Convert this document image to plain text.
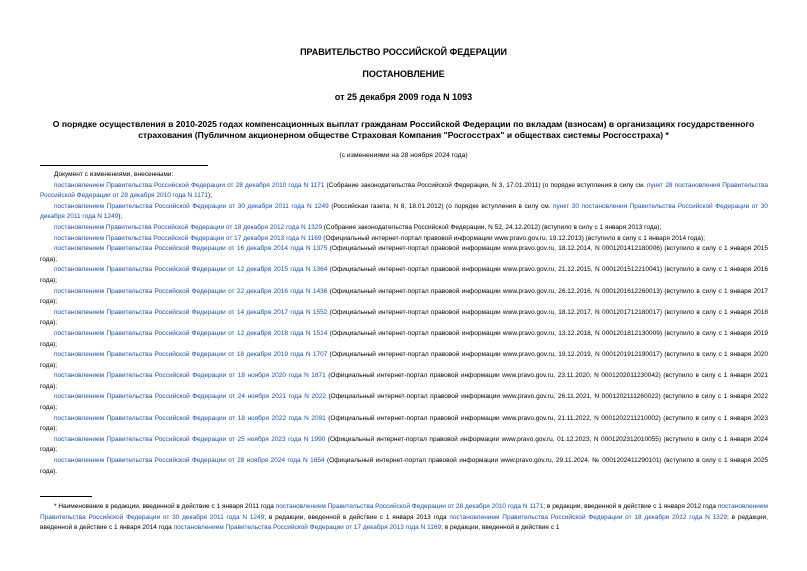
ПРАВИТЕЛЬСТВО РОССИЙСКОЙ ФЕДЕРАЦИИ
ПОСТАНОВЛЕНИЕ
от 25 декабря 2009 года N 1093
О порядке осуществления в 2010-2025 годах компенсационных выплат гражданам Российской Федерации по вкладам (взносам) в организациях государственного страхования (Публичном акционерном обществе Страховая Компания "Росгосстрах" и обществах системы Росгосстраха) *
(с изменениями на 28 ноября 2024 года)

Документ с изменениями, внесенными:

постановлением Правительства Российской Федерации от 28 декабря 2010 года N 1171 (Собрание законодательства Российской Федерации, N 3, 17.01.2011) (о порядке вступления в силу см. пункт 28 постановления Правительства Российской Федерации от 28 декабря 2010 года N 1171);

постановлением Правительства Российской Федерации от 30 декабря 2011 года N 1249 (Российская газета, N 8, 18.01.2012) (о порядке вступления в силу см. пункт 30 постановления Правительства Российской Федерации от 30 декабря 2011 года N 1249);

постановлением Правительства Российской Федерации от 18 декабря 2012 года N 1329 (Собрание законодательства Российской Федерации, N 52, 24.12.2012) (вступило в силу с 1 января 2013 года);

постановлением Правительства Российской Федерации от 17 декабря 2013 года N 1169 (Официальный интернет-портал правовой информации www.pravo.gov.ru, 19.12.2013) (вступило в силу с 1 января 2014 года);

постановлением Правительства Российской Федерации от 16 декабря 2014 года N 1375 (Официальный интернет-портал правовой информации www.pravo.gov.ru, 18.12.2014, N 0001201412180006) (вступило в силу с 1 января 2015 года);

постановлением Правительства Российской Федерации от 12 декабря 2015 года N 1364 (Официальный интернет-портал правовой информации www.pravo.gov.ru, 21.12.2015, N 0001201512210041) (вступило в силу с 1 января 2016 года);

постановлением Правительства Российской Федерации от 22 декабря 2016 года N 1436 (Официальный интернет-портал правовой информации www.pravo.gov.ru, 26.12.2016, N 0001201612260013) (вступило в силу с 1 января 2017 года);

постановлением Правительства Российской Федерации от 14 декабря 2017 года N 1552 (Официальный интернет-портал правовой информации www.pravo.gov.ru, 18.12.2017, N 0001201712180017) (вступило в силу с 1 января 2018 года);

постановлением Правительства Российской Федерации от 12 декабря 2018 года N 1514 (Официальный интернет-портал правовой информации www.pravo.gov.ru, 13.12.2018, N 0001201812130009) (вступило в силу с 1 января 2019 года);

постановлением Правительства Российской Федерации от 18 декабря 2019 года N 1707 (Официальный интернет-портал правовой информации www.pravo.gov.ru, 19.12.2019, N 0001201912190017) (вступило в силу с 1 января 2020 года);

постановлением Правительства Российской Федерации от 18 ноября 2020 года N 1871 (Официальный интернет-портал правовой информации www.pravo.gov.ru, 23.11.2020, N 0001202011230042) (вступило в силу с 1 января 2021 года);

постановлением Правительства Российской Федерации от 24 ноября 2021 года N 2022 (Официальный интернет-портал правовой информации www.pravo.gov.ru, 26.11.2021, N 0001202111260022) (вступило в силу с 1 января 2022 года);

постановлением Правительства Российской Федерации от 18 ноября 2022 года N 2091 (Официальный интернет-портал правовой информации www.pravo.gov.ru, 21.11.2022, N 0001202211210002) (вступило в силу с 1 января 2023 года);

постановлением Правительства Российской Федерации от 25 ноября 2023 года N 1990 (Официальный интернет-портал правовой информации www.pravo.gov.ru, 01.12.2023, N 0001202312010055) (вступило в силу с 1 января 2024 года);

постановлением Правительства Российской Федерации от 28 ноября 2024 года N 1654 (Официальный интернет-портал правовой информации www.pravo.gov.ru, 29.11.2024, № 0001202411290101) (вступило в силу с 1 января 2025 года).

* Наименование в редакции, введенной в действие с 1 января 2011 года постановлением Правительства Российской Федерации от 28 декабря 2010 года N 1171; в редакции, введенной в действие с 1 января 2012 года постановлением Правительства Российской Федерации от 30 декабря 2011 года N 1249; в редакции, введенной в действие с 1 января 2013 года постановлением Правительства Российской Федерации от 18 декабря 2012 года N 1329; в редакции, введенной в действие с 1 января 2014 года постановлением Правительства Российской Федерации от 17 декабря 2013 года N 1169; в редакции, введенной в действие с 1
